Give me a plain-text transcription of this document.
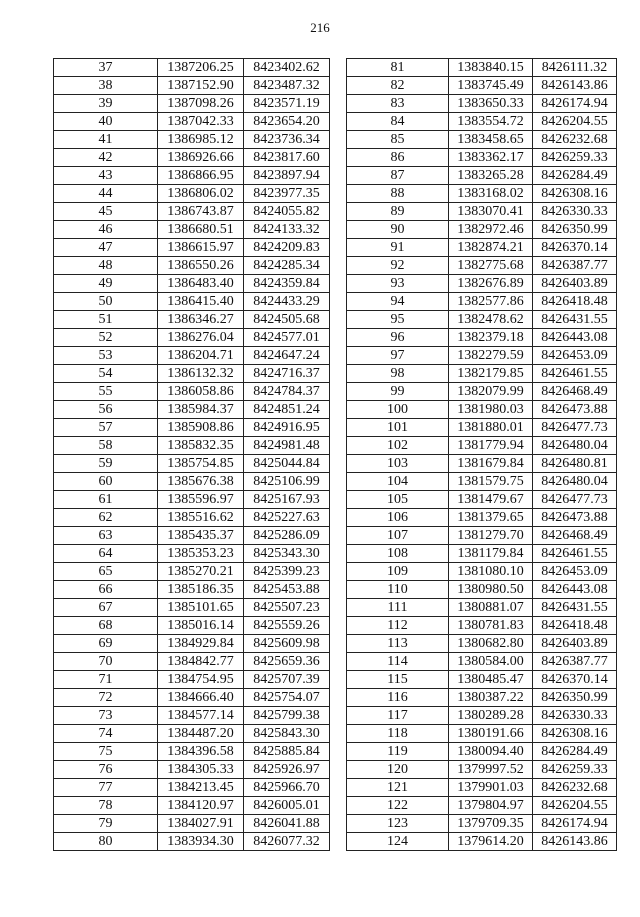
216
37	1387206.25	8423402.62
38	1387152.90	8423487.32
39	1387098.26	8423571.19
40	1387042.33	8423654.20
41	1386985.12	8423736.34
42	1386926.66	8423817.60
43	1386866.95	8423897.94
44	1386806.02	8423977.35
45	1386743.87	8424055.82
46	1386680.51	8424133.32
47	1386615.97	8424209.83
48	1386550.26	8424285.34
49	1386483.40	8424359.84
50	1386415.40	8424433.29
51	1386346.27	8424505.68
52	1386276.04	8424577.01
53	1386204.71	8424647.24
54	1386132.32	8424716.37
55	1386058.86	8424784.37
56	1385984.37	8424851.24
57	1385908.86	8424916.95
58	1385832.35	8424981.48
59	1385754.85	8425044.84
60	1385676.38	8425106.99
61	1385596.97	8425167.93
62	1385516.62	8425227.63
63	1385435.37	8425286.09
64	1385353.23	8425343.30
65	1385270.21	8425399.23
66	1385186.35	8425453.88
67	1385101.65	8425507.23
68	1385016.14	8425559.26
69	1384929.84	8425609.98
70	1384842.77	8425659.36
71	1384754.95	8425707.39
72	1384666.40	8425754.07
73	1384577.14	8425799.38
74	1384487.20	8425843.30
75	1384396.58	8425885.84
76	1384305.33	8425926.97
77	1384213.45	8425966.70
78	1384120.97	8426005.01
79	1384027.91	8426041.88
80	1383934.30	8426077.32
81	1383840.15	8426111.32
82	1383745.49	8426143.86
83	1383650.33	8426174.94
84	1383554.72	8426204.55
85	1383458.65	8426232.68
86	1383362.17	8426259.33
87	1383265.28	8426284.49
88	1383168.02	8426308.16
89	1383070.41	8426330.33
90	1382972.46	8426350.99
91	1382874.21	8426370.14
92	1382775.68	8426387.77
93	1382676.89	8426403.89
94	1382577.86	8426418.48
95	1382478.62	8426431.55
96	1382379.18	8426443.08
97	1382279.59	8426453.09
98	1382179.85	8426461.55
99	1382079.99	8426468.49
100	1381980.03	8426473.88
101	1381880.01	8426477.73
102	1381779.94	8426480.04
103	1381679.84	8426480.81
104	1381579.75	8426480.04
105	1381479.67	8426477.73
106	1381379.65	8426473.88
107	1381279.70	8426468.49
108	1381179.84	8426461.55
109	1381080.10	8426453.09
110	1380980.50	8426443.08
111	1380881.07	8426431.55
112	1380781.83	8426418.48
113	1380682.80	8426403.89
114	1380584.00	8426387.77
115	1380485.47	8426370.14
116	1380387.22	8426350.99
117	1380289.28	8426330.33
118	1380191.66	8426308.16
119	1380094.40	8426284.49
120	1379997.52	8426259.33
121	1379901.03	8426232.68
122	1379804.97	8426204.55
123	1379709.35	8426174.94
124	1379614.20	8426143.86
